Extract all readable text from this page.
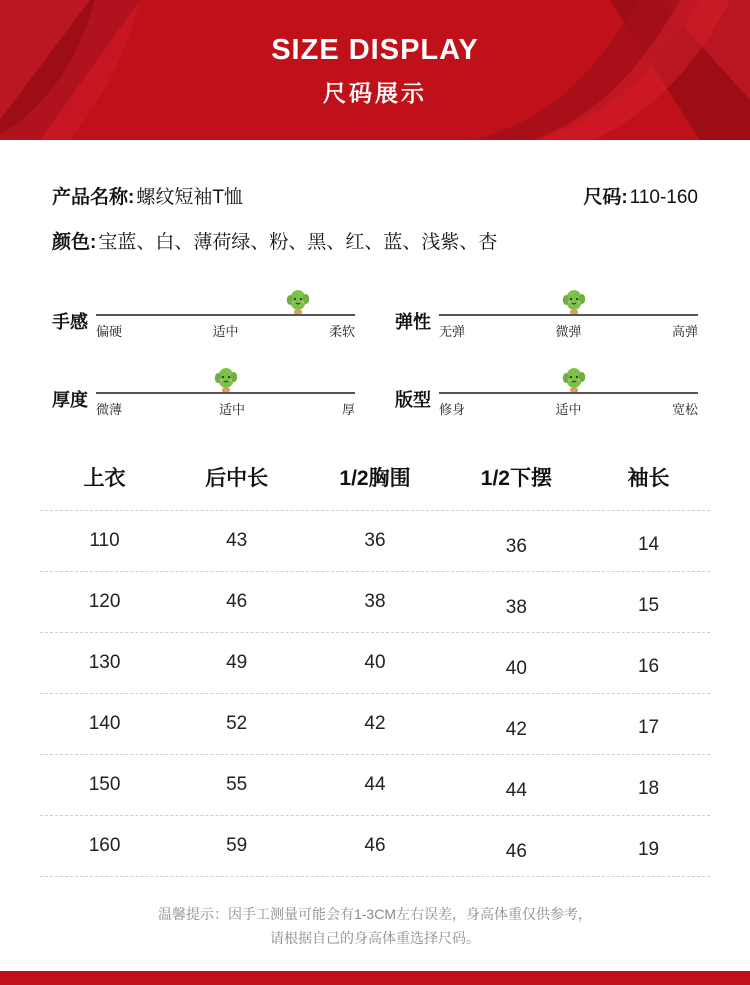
SIZE DISPLAY
尺码展示
产品名称: 螺纹短袖T恤	尺码: 110-160
颜色: 宝蓝、白、薄荷绿、粉、黑、红、蓝、浅紫、杏
手感 偏硬	适中	柔软 弹性 无弹	微弹	高弹
厚度 微薄	适中	厚 版型 修身	适中	宽松
上衣	后中长	1/2胸围	1/2下摆	袖长
110	43	36	36	14
120	46	38	38	15
130	49	40	40	16
140	52	42	42	17
150	55	44	44	18
160	59	46	46	19
温馨提示：因手工测量可能会有1-3CM左右误差，身高体重仅供参考，
请根据自己的身高体重选择尺码。
